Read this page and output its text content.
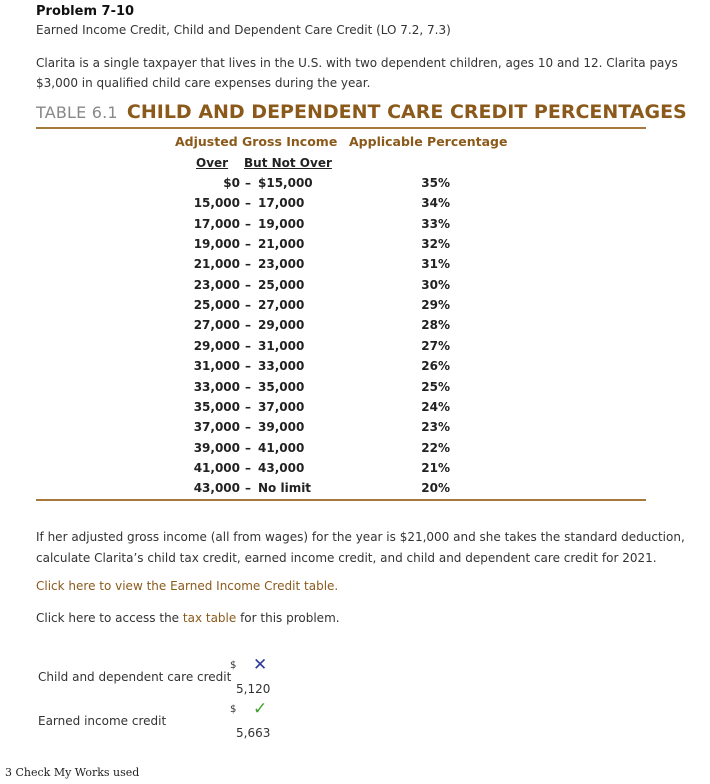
Problem 7-10
Earned Income Credit, Child and Dependent Care Credit (LO 7.2, 7.3)
Clarita is a single taxpayer that lives in the U.S. with two dependent children, ages 10 and 12. Clarita pays $3,000 in qualified child care expenses during the year.
TABLE 6.1 CHILD AND DEPENDENT CARE CREDIT PERCENTAGES
Adjusted Gross Income Applicable Percentage
Over But Not Over
$0 – $15,000	35%
15,000 – 17,000	34%
17,000 – 19,000	33%
19,000 – 21,000	32%
21,000 – 23,000	31%
23,000 – 25,000	30%
25,000 – 27,000	29%
27,000 – 29,000	28%
29,000 – 31,000	27%
31,000 – 33,000	26%
33,000 – 35,000	25%
35,000 – 37,000	24%
37,000 – 39,000	23%
39,000 – 41,000	22%
41,000 – 43,000	21%
43,000 – No limit	20%
If her adjusted gross income (all from wages) for the year is $21,000 and she takes the standard deduction, calculate Clarita’s child tax credit, earned income credit, and child and dependent care credit for 2021.
Click here to view the Earned Income Credit table.
Click here to access the tax table for this problem.
Child and dependent care credit
$ ✕
5,120
Earned income credit
$ ✓
5,663
3 Check My Works used
